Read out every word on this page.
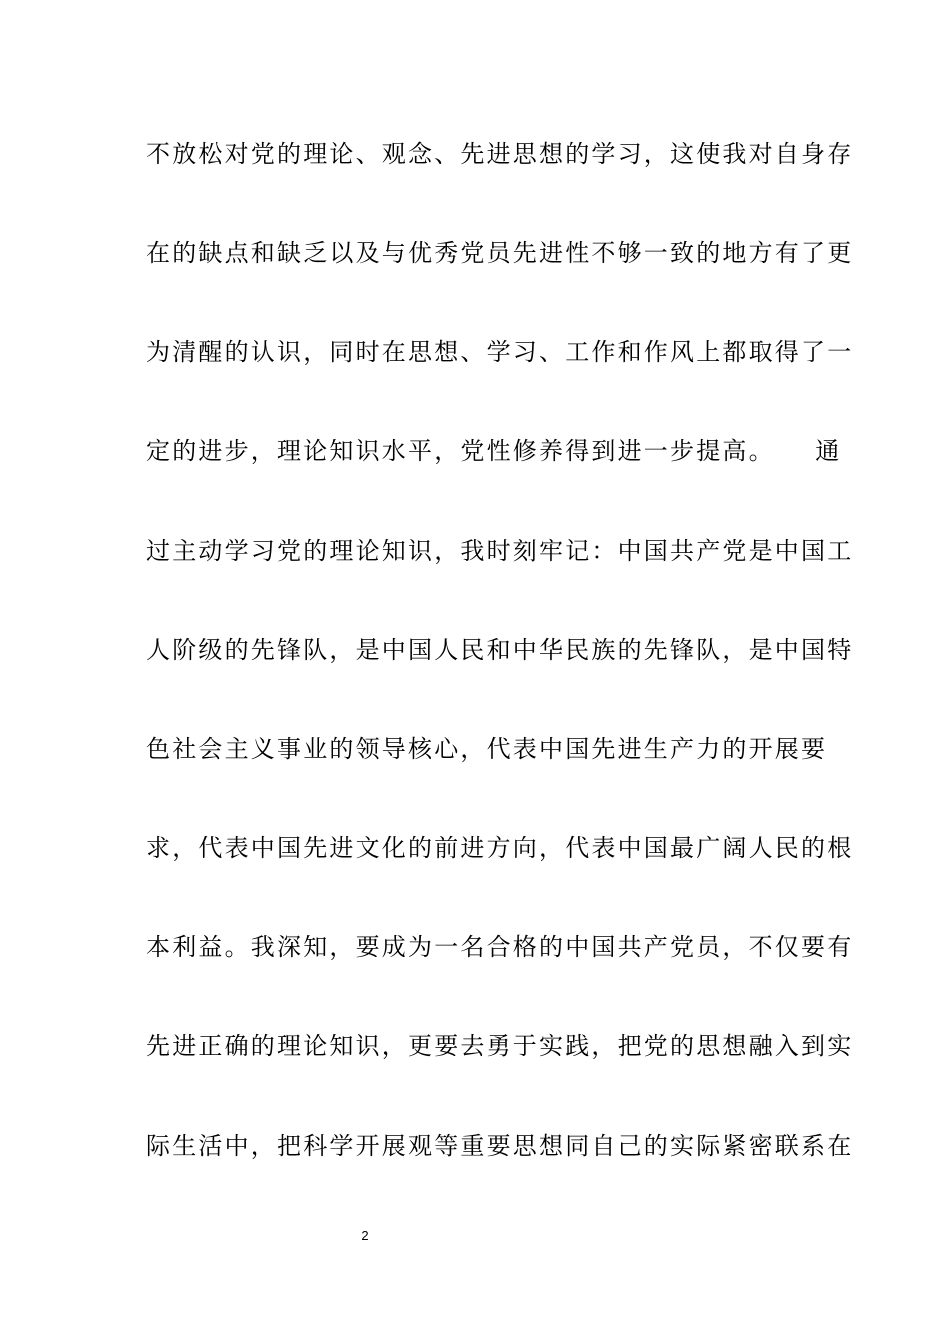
不放松对党的理论、观念、先进思想的学习，这使我对自身存
在的缺点和缺乏以及与优秀党员先进性不够一致的地方有了更
为清醒的认识，同时在思想、学习、工作和作风上都取得了一
定的进步，理论知识水平，党性修养得到进一步提高。　　通
过主动学习党的理论知识，我时刻牢记：中国共产党是中国工
人阶级的先锋队，是中国人民和中华民族的先锋队，是中国特
色社会主义事业的领导核心，代表中国先进生产力的开展要
求，代表中国先进文化的前进方向，代表中国最广阔人民的根
本利益。我深知，要成为一名合格的中国共产党员，不仅要有
先进正确的理论知识，更要去勇于实践，把党的思想融入到实
际生活中，把科学开展观等重要思想同自己的实际紧密联系在
2
